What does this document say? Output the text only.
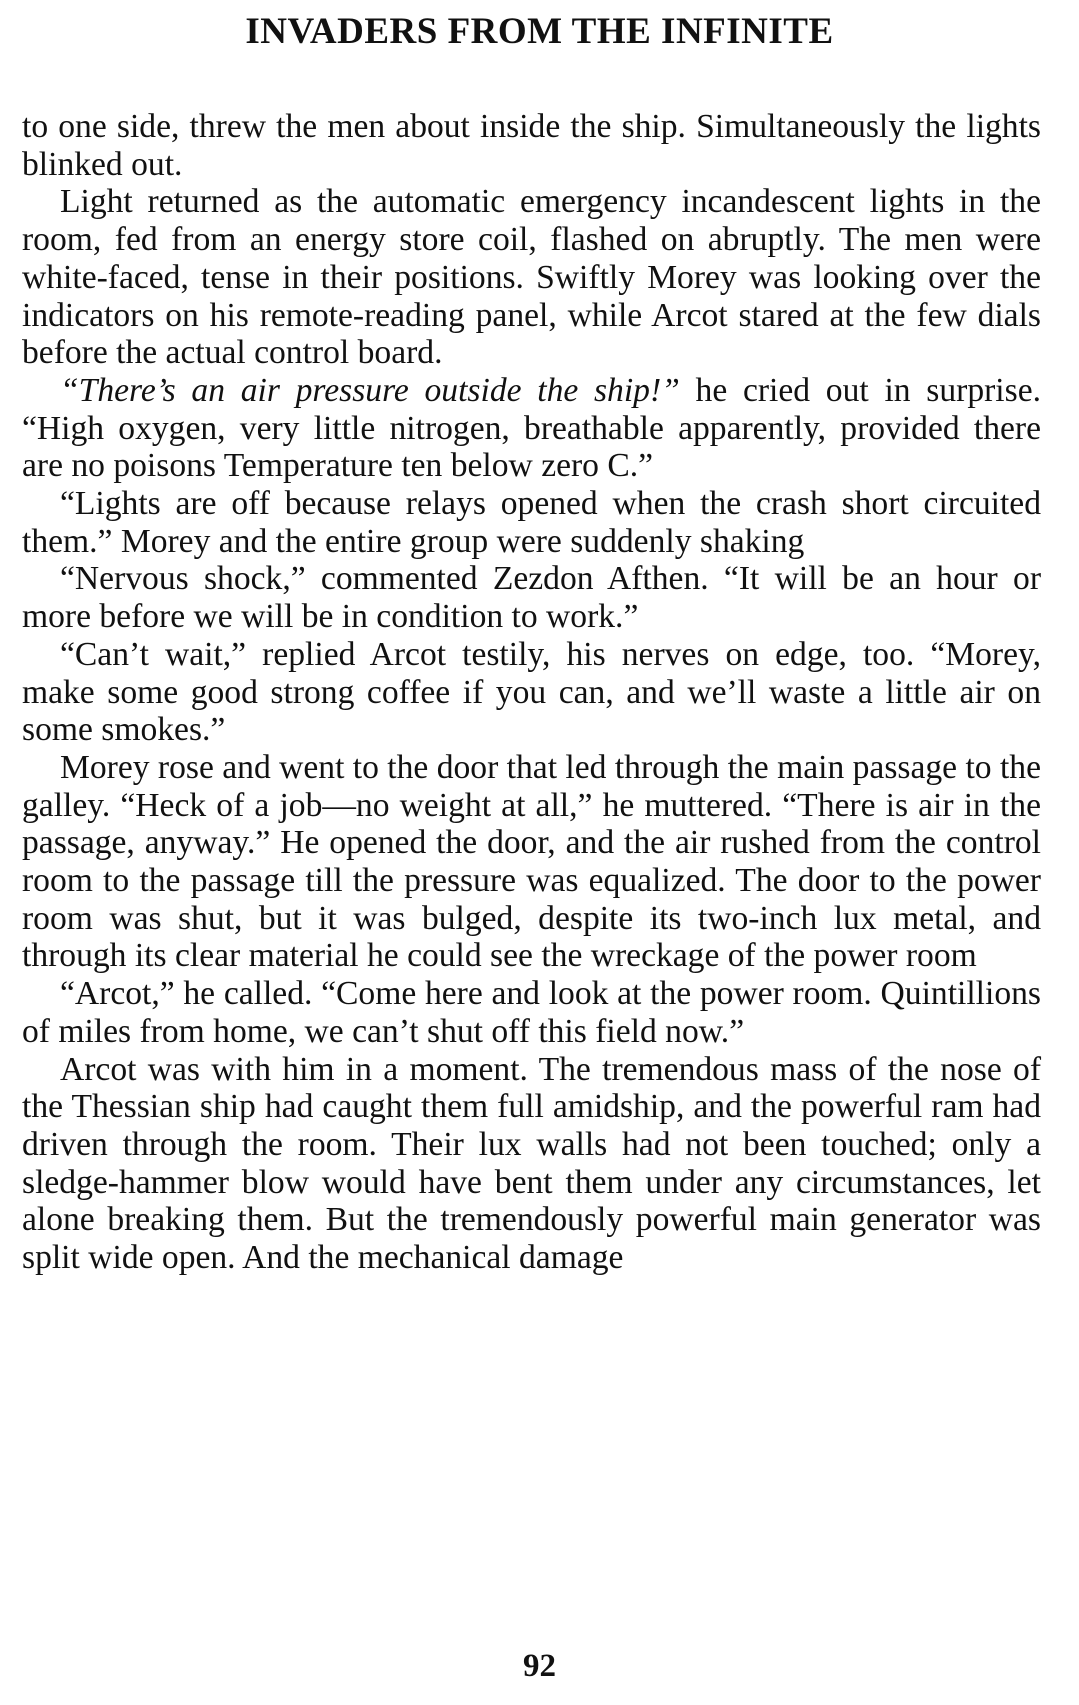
INVADERS FROM THE INFINITE

to one side, threw the men about inside the ship. Simultaneously the lights blinked out.

Light returned as the automatic emergency incandescent lights in the room, fed from an energy store coil, flashed on abruptly. The men were white-faced, tense in their positions. Swiftly Morey was looking over the indicators on his remote-reading panel, while Arcot stared at the few dials before the actual control board.

“There’s an air pressure outside the ship!” he cried out in surprise. “High oxygen, very little nitrogen, breathable apparently, provided there are no poisons Temperature ten below zero C.”

“Lights are off because relays opened when the crash short circuited them.” Morey and the entire group were suddenly shaking

“Nervous shock,” commented Zezdon Afthen. “It will be an hour or more before we will be in condition to work.”

“Can’t wait,” replied Arcot testily, his nerves on edge, too. “Morey, make some good strong coffee if you can, and we’ll waste a little air on some smokes.”

Morey rose and went to the door that led through the main passage to the galley. “Heck of a job—no weight at all,” he muttered. “There is air in the passage, anyway.” He opened the door, and the air rushed from the control room to the passage till the pressure was equalized. The door to the power room was shut, but it was bulged, despite its two-inch lux metal, and through its clear material he could see the wreckage of the power room

“Arcot,” he called. “Come here and look at the power room. Quintillions of miles from home, we can’t shut off this field now.”

Arcot was with him in a moment. The tremendous mass of the nose of the Thessian ship had caught them full amidship, and the powerful ram had driven through the room. Their lux walls had not been touched; only a sledge-hammer blow would have bent them under any circumstances, let alone breaking them. But the tremendously powerful main generator was split wide open. And the mechanical damage

92
